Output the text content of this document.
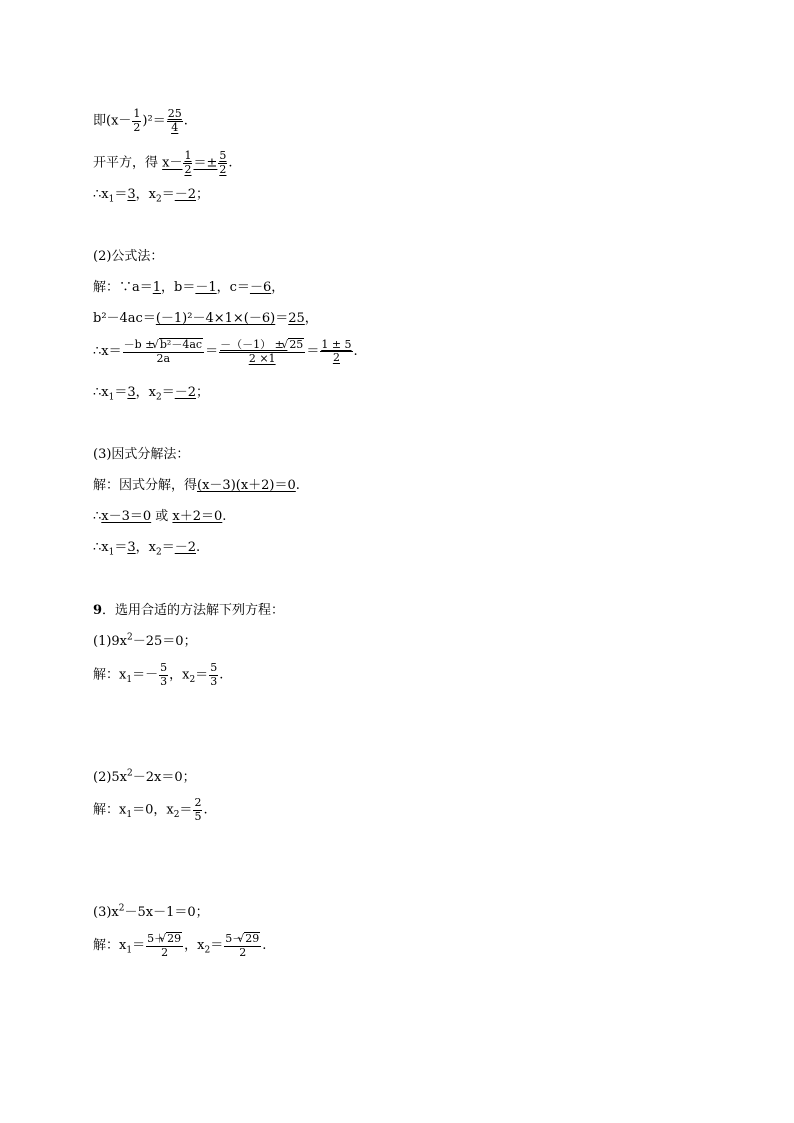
即$(x- \frac{1}{2} )^2= \frac{25}{4}$ .
开平方，得 $x- \frac{1}{2} =\pm \frac{5}{2}$ .
$\therefore x_1=3$，$x_2=-2$；
(2)公式法：
解：∵a＝1，b＝－1，c＝－6，
b²－4ac＝(－1)²－4×1×(－6)＝25，
∴x＝ $\frac{\text{－b ± √ b²－4ac}}{2a} = \frac{-(-1) \pm √ 25}{2 \times 1} = \frac{1 \pm 5}{2}$ .
$\therefore x_1=3$，$x_2=-2$；
(3)因式分解法：
解：因式分解，得(x－3)(x＋2)＝0.
∴x－3＝0 或 x＋2＝0.
$\therefore x_1=3$，$x_2=-2$.
9．选用合适的方法解下列方程：
$(1)9x^2-25=0$；
解：$x_1=- \frac{5}{3}$ ，$x_2= \frac{5}{3}$ .
$(2)5x^2-2x=0$；
解：$x_1=0$，$x_2= \frac{2}{5}$ .
$(3)x^2-5x-1=0$；
解：$x_1= \frac{5+ √ 29}{2}$ ，$x_2= \frac{5- √ 29}{2}$ .
